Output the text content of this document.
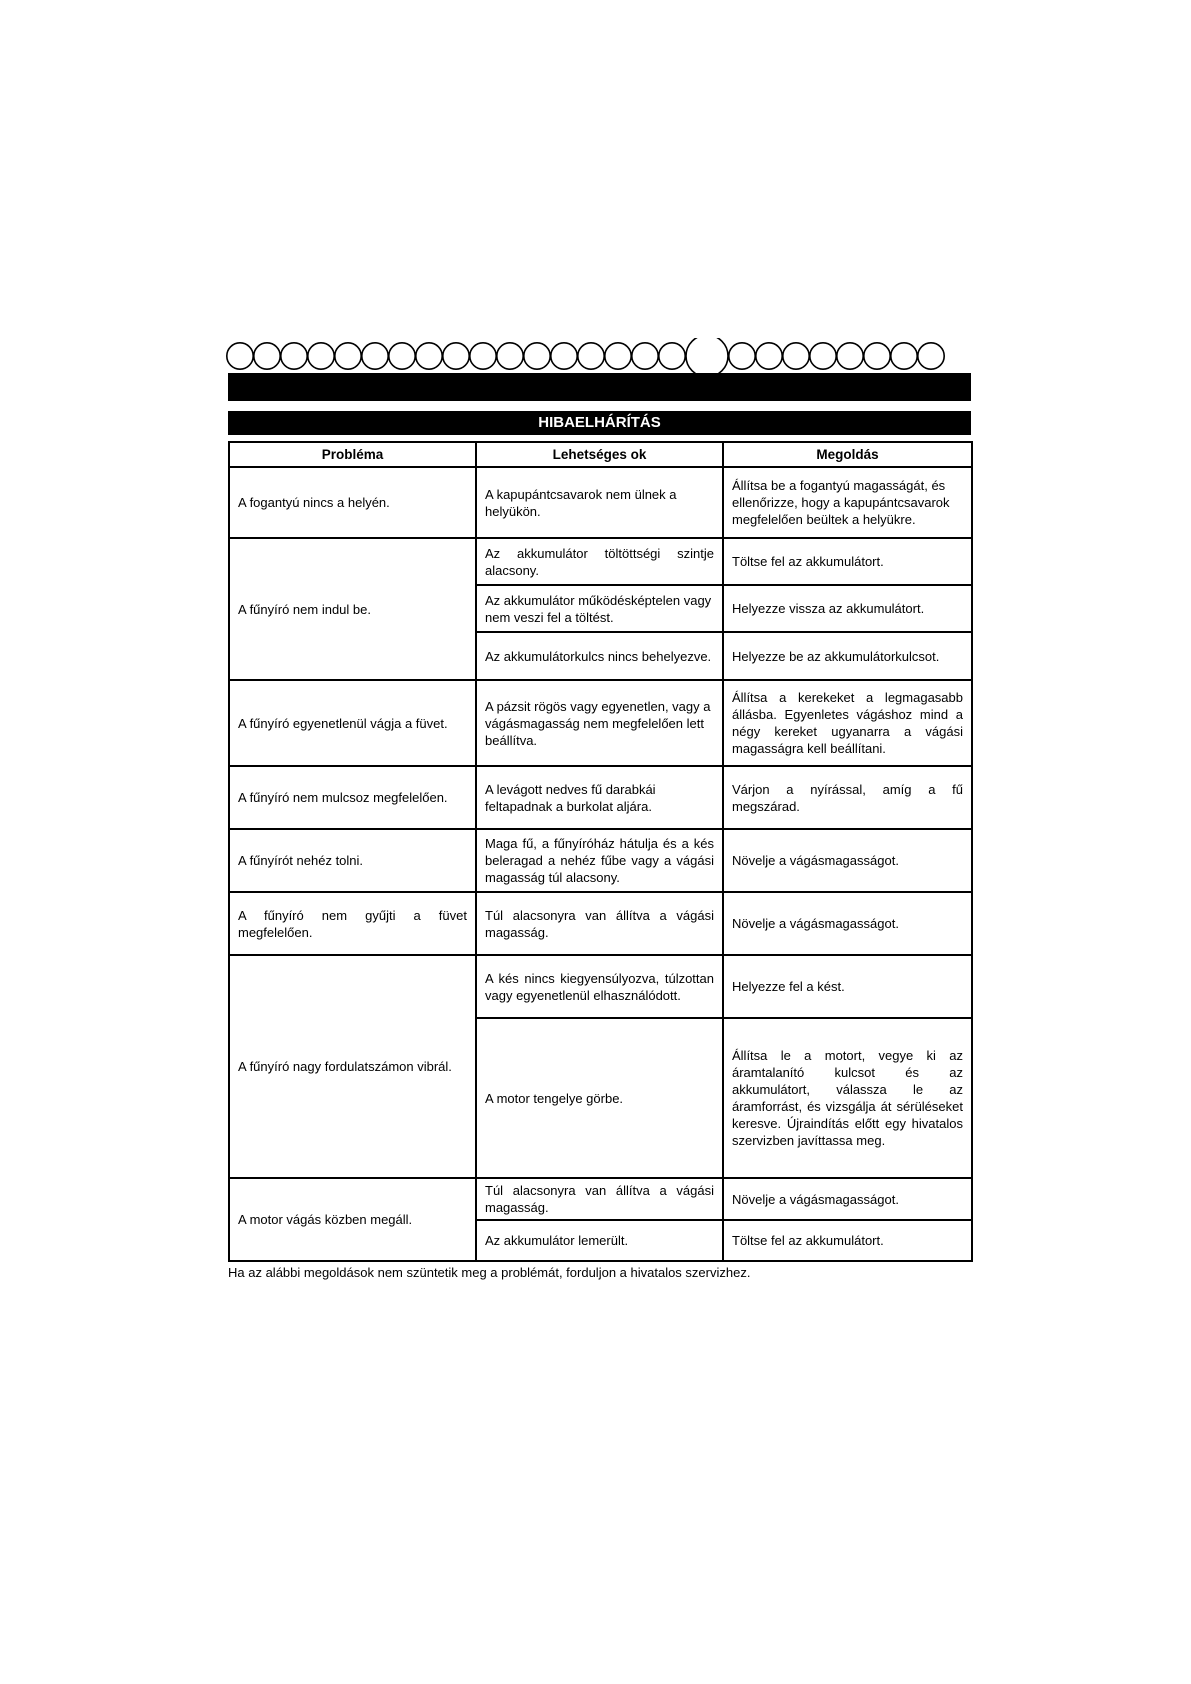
HIBAELHÁRÍTÁS
Probléma	Lehetséges ok	Megoldás
A fogantyú nincs a helyén.	A kapupántcsavarok nem ülnek a helyükön.	Állítsa be a fogantyú magasságát, és ellenőrizze, hogy a kapupántcsavarok megfelelően beültek a helyükre.
A fűnyíró nem indul be.	Az akkumulátor töltöttségi szintje alacsony.	Töltse fel az akkumulátort.
	Az akkumulátor működésképtelen vagy nem veszi fel a töltést.	Helyezze vissza az akkumulátort.
	Az akkumulátorkulcs nincs behelyezve.	Helyezze be az akkumulátorkulcsot.
A fűnyíró egyenetlenül vágja a füvet.	A pázsit rögös vagy egyenetlen, vagy a vágásmagasság nem megfelelően lett beállítva.	Állítsa a kerekeket a legmagasabb állásba. Egyenletes vágáshoz mind a négy kereket ugyanarra a vágási magasságra kell beállítani.
A fűnyíró nem mulcsoz megfelelően.	A levágott nedves fű darabkái feltapadnak a burkolat aljára.	Várjon a nyírással, amíg a fű megszárad.
A fűnyírót nehéz tolni.	Maga fű, a fűnyíróház hátulja és a kés beleragad a nehéz fűbe vagy a vágási magasság túl alacsony.	Növelje a vágásmagasságot.
A fűnyíró nem gyűjti a füvet megfelelően.	Túl alacsonyra van állítva a vágási magasság.	Növelje a vágásmagasságot.
A fűnyíró nagy fordulatszámon vibrál.	A kés nincs kiegyensúlyozva, túlzottan vagy egyenetlenül elhasználódott.	Helyezze fel a kést.
	A motor tengelye görbe.	Állítsa le a motort, vegye ki az áramtalanító kulcsot és az akkumulátort, válassza le az áramforrást, és vizsgálja át sérüléseket keresve. Újraindítás előtt egy hivatalos szervizben javíttassa meg.
A motor vágás közben megáll.	Túl alacsonyra van állítva a vágási magasság.	Növelje a vágásmagasságot.
	Az akkumulátor lemerült.	Töltse fel az akkumulátort.
Ha az alábbi megoldások nem szüntetik meg a problémát, forduljon a hivatalos szervizhez.
